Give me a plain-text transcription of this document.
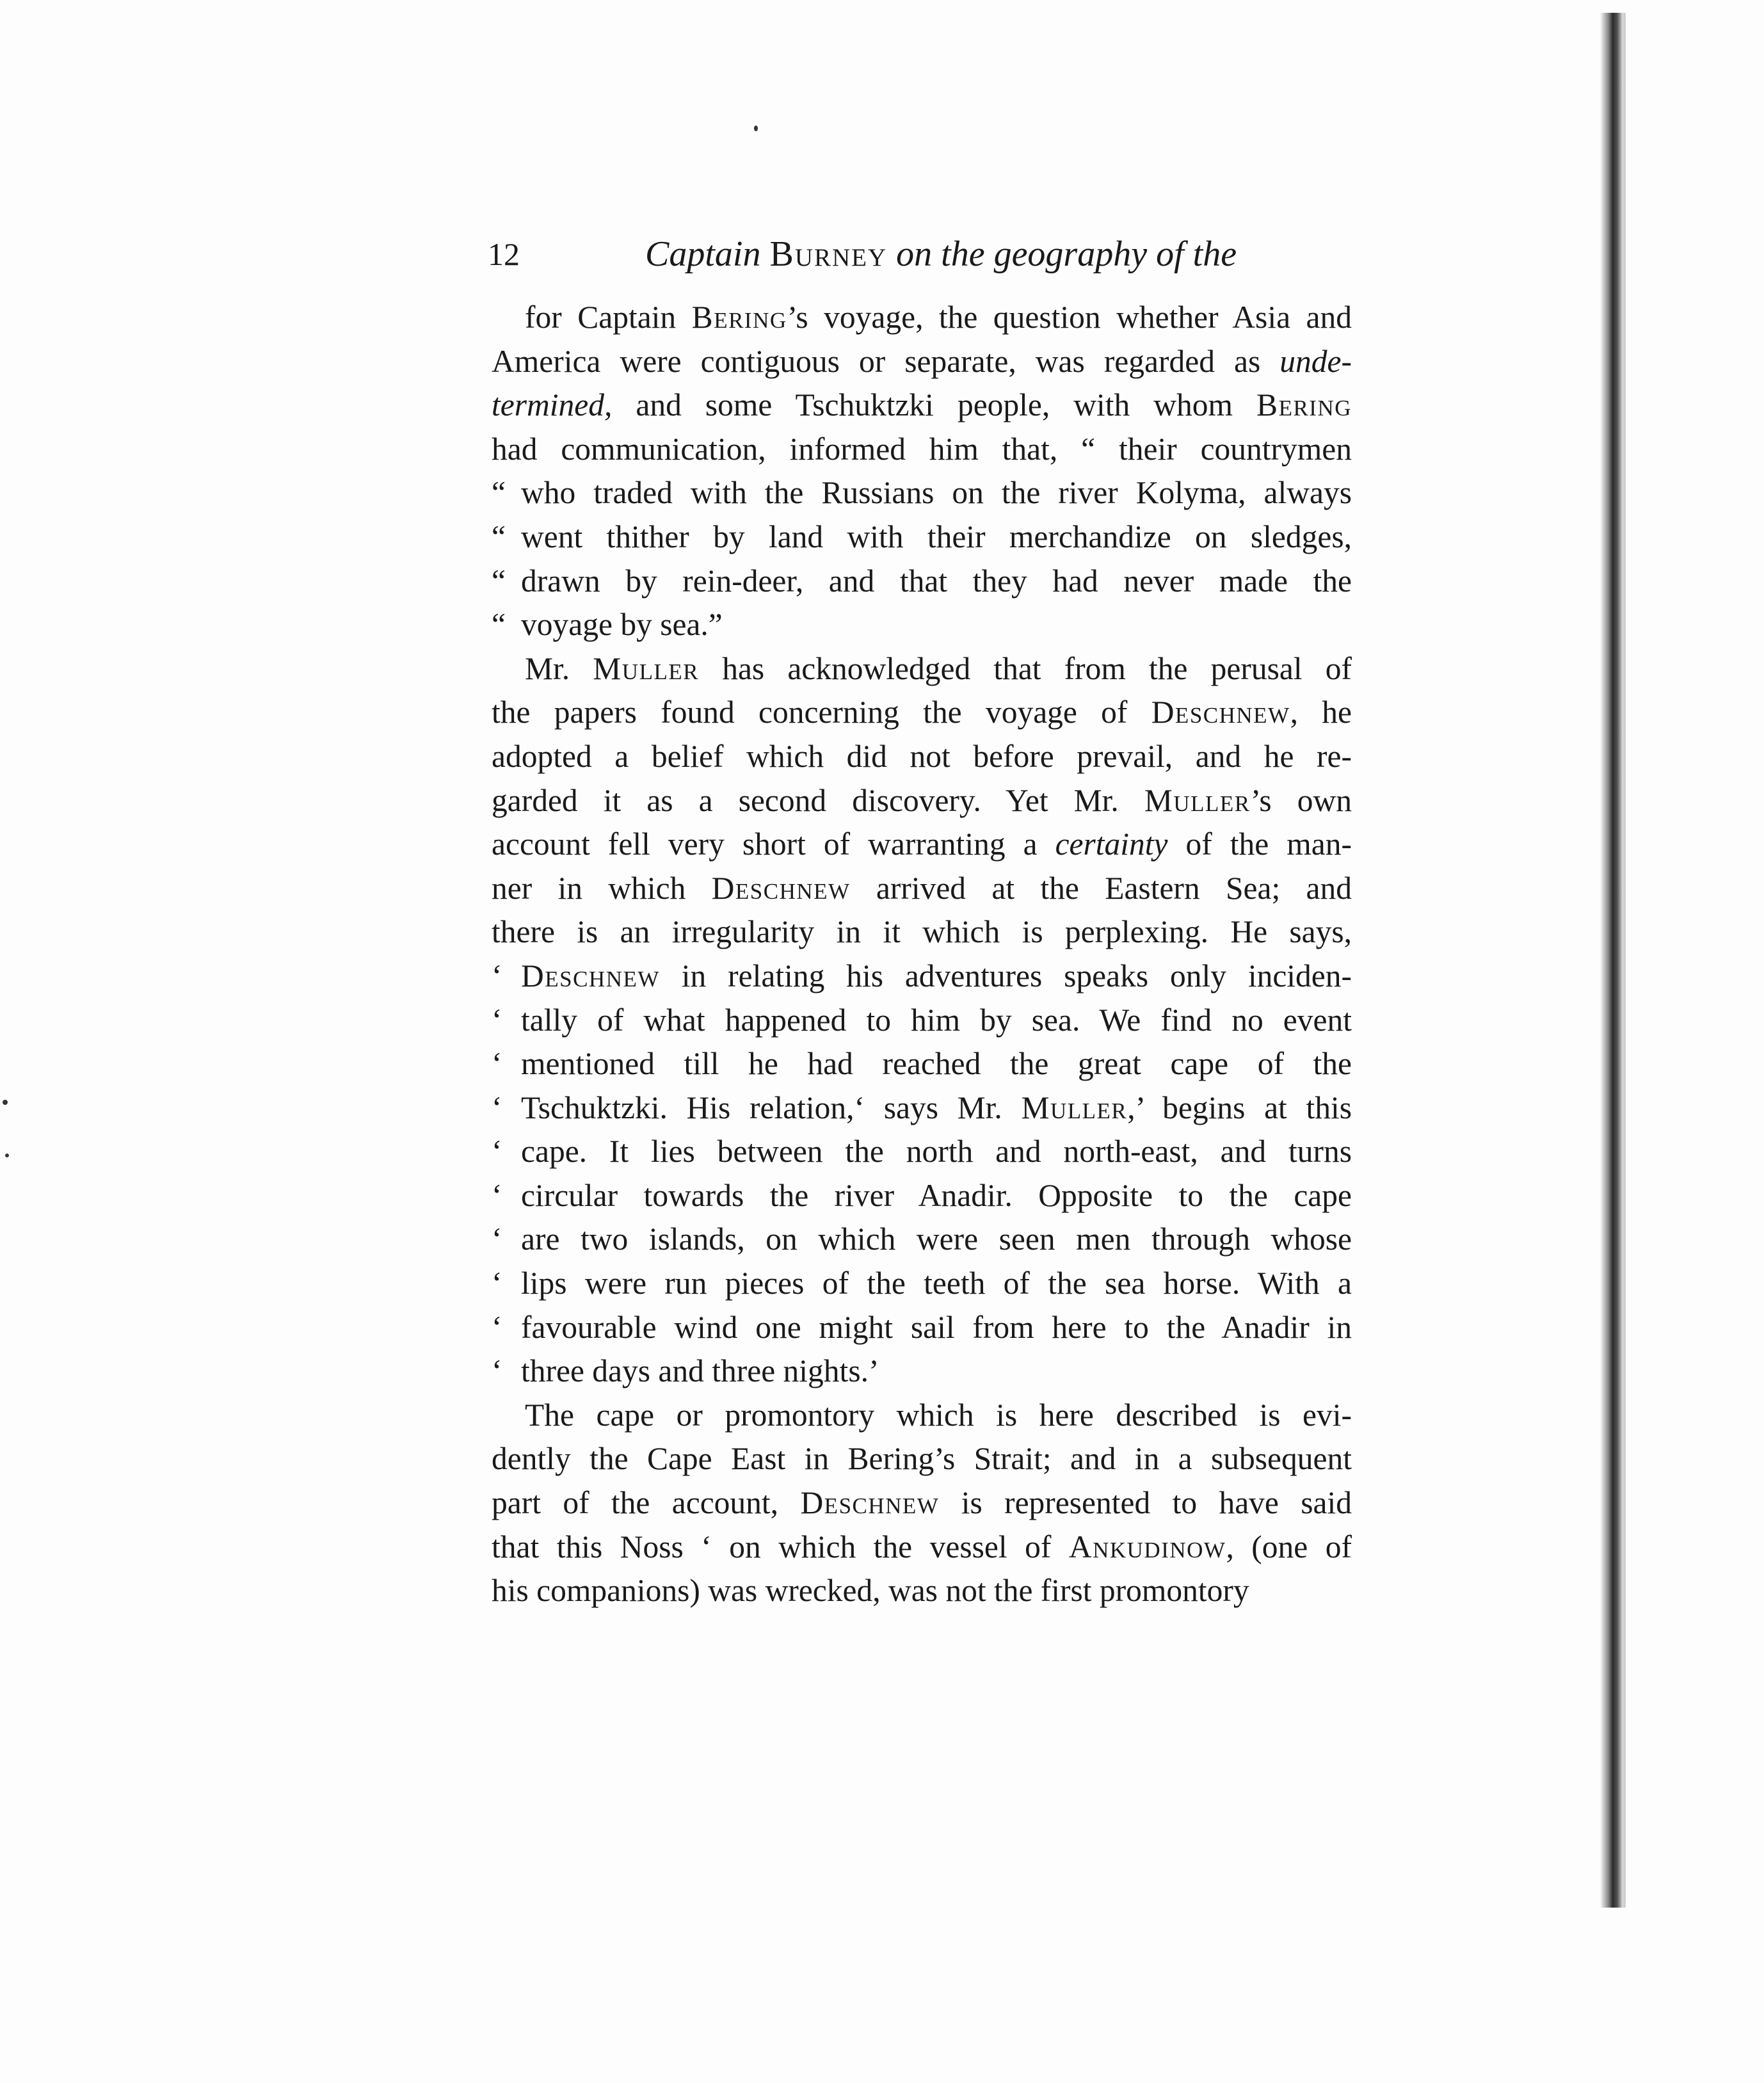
12	Captain Burney on the geography of the
for Captain Bering’s voyage, the question whether Asia and
America were contiguous or separate, was regarded as unde-
termined, and some Tschuktzki people, with whom Bering
had communication, informed him that, “ their countrymen
“ who traded with the Russians on the river Kolyma, always
“ went thither by land with their merchandize on sledges,
“ drawn by rein-deer, and that they had never made the
“ voyage by sea.”
Mr. Muller has acknowledged that from the perusal of
the papers found concerning the voyage of Deschnew, he
adopted a belief which did not before prevail, and he re-
garded it as a second discovery. Yet Mr. Muller’s own
account fell very short of warranting a certainty of the man-
ner in which Deschnew arrived at the Eastern Sea; and
there is an irregularity in it which is perplexing. He says,
‘ Deschnew in relating his adventures speaks only inciden-
‘ tally of what happened to him by sea. We find no event
‘ mentioned till he had reached the great cape of the
‘ Tschuktzki. His relation,‘ says Mr. Muller,’ begins at this
‘ cape. It lies between the north and north-east, and turns
‘ circular towards the river Anadir. Opposite to the cape
‘ are two islands, on which were seen men through whose
‘ lips were run pieces of the teeth of the sea horse. With a
‘ favourable wind one might sail from here to the Anadir in
‘ three days and three nights.’
The cape or promontory which is here described is evi-
dently the Cape East in Bering’s Strait; and in a subsequent
part of the account, Deschnew is represented to have said
that this Noss ‘ on which the vessel of Ankudinow, (one of
his companions) was wrecked, was not the first promontory
